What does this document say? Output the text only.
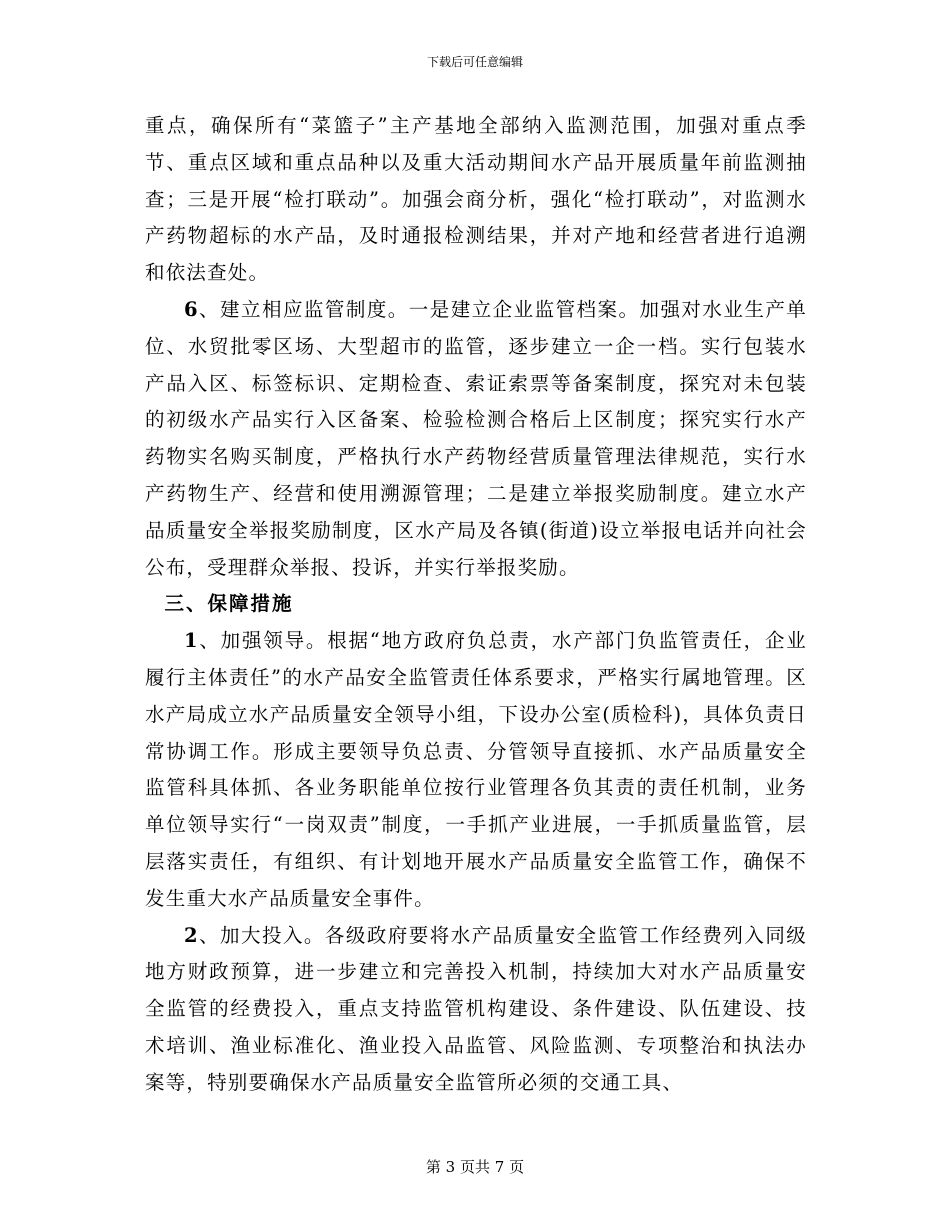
下载后可任意编辑

重点，确保所有“菜篮子”主产基地全部纳入监测范围，加强对重点季节、重点区域和重点品种以及重大活动期间水产品开展质量年前监测抽查；三是开展“检打联动”。加强会商分析，强化“检打联动”，对监测水产药物超标的水产品，及时通报检测结果，并对产地和经营者进行追溯和依法查处。

6、建立相应监管制度。一是建立企业监管档案。加强对水业生产单位、水贸批零区场、大型超市的监管，逐步建立一企一档。实行包装水产品入区、标签标识、定期检查、索证索票等备案制度，探究对未包装的初级水产品实行入区备案、检验检测合格后上区制度；探究实行水产药物实名购买制度，严格执行水产药物经营质量管理法律规范，实行水产药物生产、经营和使用溯源管理；二是建立举报奖励制度。建立水产品质量安全举报奖励制度，区水产局及各镇(街道)设立举报电话并向社会公布，受理群众举报、投诉，并实行举报奖励。

三、保障措施

1、加强领导。根据“地方政府负总责，水产部门负监管责任，企业履行主体责任”的水产品安全监管责任体系要求，严格实行属地管理。区水产局成立水产品质量安全领导小组，下设办公室(质检科)，具体负责日常协调工作。形成主要领导负总责、分管领导直接抓、水产品质量安全监管科具体抓、各业务职能单位按行业管理各负其责的责任机制，业务单位领导实行“一岗双责”制度，一手抓产业进展，一手抓质量监管，层层落实责任，有组织、有计划地开展水产品质量安全监管工作，确保不发生重大水产品质量安全事件。

2、加大投入。各级政府要将水产品质量安全监管工作经费列入同级地方财政预算，进一步建立和完善投入机制，持续加大对水产品质量安全监管的经费投入，重点支持监管机构建设、条件建设、队伍建设、技术培训、渔业标准化、渔业投入品监管、风险监测、专项整治和执法办案等，特别要确保水产品质量安全监管所必须的交通工具、

第 3 页共 7 页
